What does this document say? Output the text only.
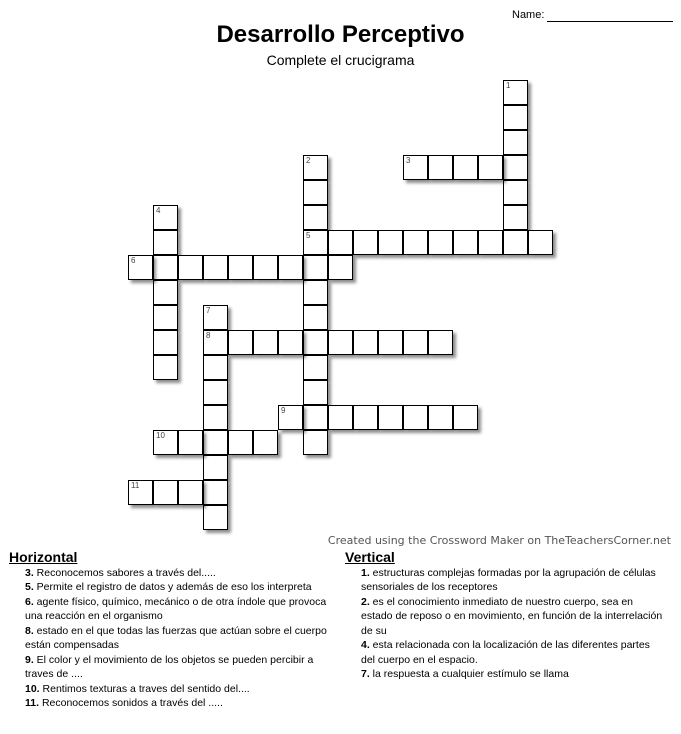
Name:
Desarrollo Perceptivo
Complete el crucigrama
1
2
5
3
4
6
7
8
9
10
11
Created using the Crossword Maker on TheTeachersCorner.net
Horizontal
3. Reconocemos sabores a través del.....
5. Permite el registro de datos y además de eso los interpreta
6. agente físico, químico, mecánico o de otra índole que provoca una reacción en el organismo
8. estado en el que todas las fuerzas que actúan sobre el cuerpo están compensadas
9. El color y el movimiento de los objetos se pueden percibir a traves de ....
10. Rentimos texturas a traves del sentido del....
11. Reconocemos sonidos a través del .....
Vertical
1. estructuras complejas formadas por la agrupación de células sensoriales de los receptores
2. es el conocimiento inmediato de nuestro cuerpo, sea en estado de reposo o en movimiento, en función de la interrelación de su
4. esta relacionada con la localización de las diferentes partes del cuerpo en el espacio.
7. la respuesta a cualquier estímulo se llama
